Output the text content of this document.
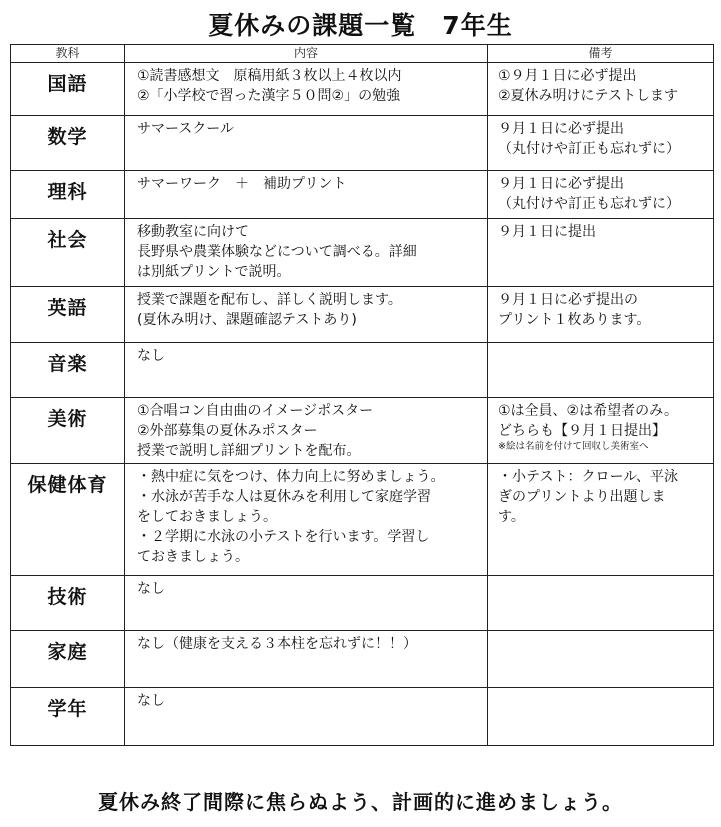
夏休みの課題一覧　7年生
教科	内容	備考
国語	①読書感想文　原稿用紙３枚以上４枚以内
②「小学校で習った漢字５０問②」の勉強	①９月１日に必ず提出
②夏休み明けにテストします

数学	サマースクール	９月１日に必ず提出
（丸付けや訂正も忘れずに）

理科	サマーワーク　＋　補助プリント	９月１日に必ず提出
（丸付けや訂正も忘れずに）

社会	移動教室に向けて
長野県や農業体験などについて調べる。詳細
は別紙プリントで説明。	９月１日に提出

英語	授業で課題を配布し、詳しく説明します。
(夏休み明け、課題確認テストあり)	９月１日に必ず提出の
プリント１枚あります。

音楽	なし	

美術	①合唱コン自由曲のイメージポスター
②外部募集の夏休みポスター
授業で説明し詳細プリントを配布。	①は全員、②は希望者のみ。
どちらも【９月１日提出】
※絵は名前を付けて回収し美術室へ

保健体育	・熱中症に気をつけ、体力向上に努めましょう。
・水泳が苦手な人は夏休みを利用して家庭学習
をしておきましょう。
・２学期に水泳の小テストを行います。学習し
ておきましょう。	・小テスト：クロール、平泳
ぎのプリントより出題しま
す。

技術	なし	

家庭	なし（健康を支える３本柱を忘れずに！！）	

学年	なし	

夏休み終了間際に焦らぬよう、計画的に進めましょう。
